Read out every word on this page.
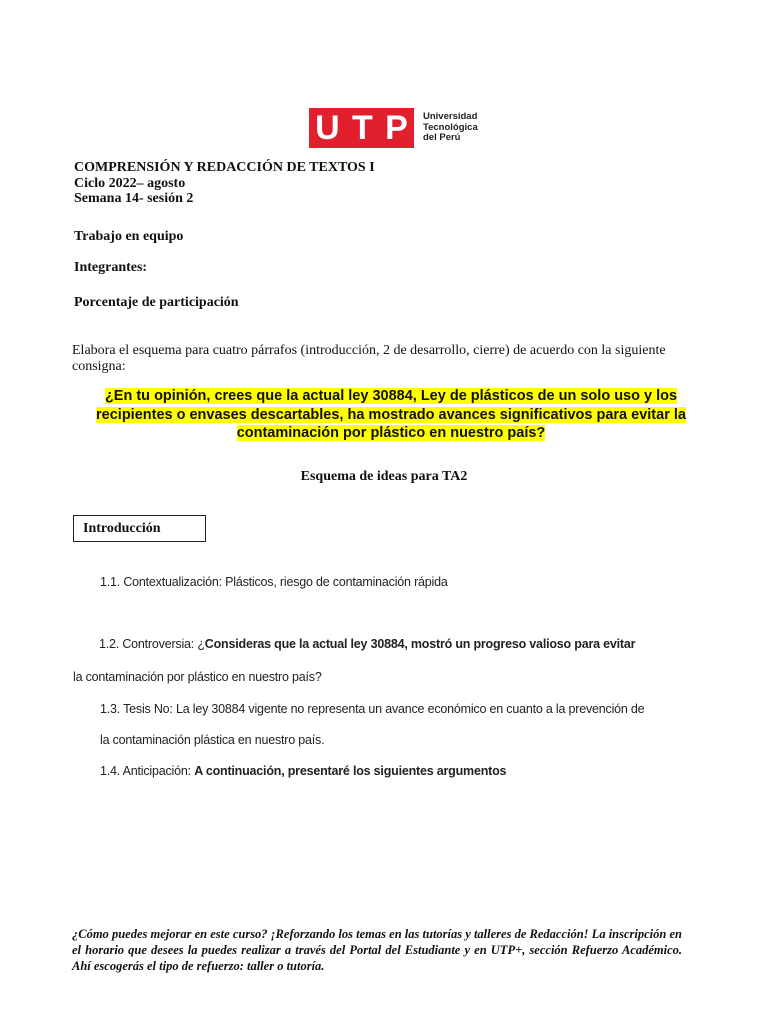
U T P Universidad
Tecnológica
del Perú
COMPRENSIÓN Y REDACCIÓN DE TEXTOS I
Ciclo 2022– agosto
Semana 14- sesión 2
Trabajo en equipo
Integrantes:
Porcentaje de participación
Elabora el esquema para cuatro párrafos (introducción, 2 de desarrollo, cierre) de acuerdo con la siguiente consigna:
¿En tu opinión, crees que la actual ley 30884, Ley de plásticos de un solo uso y los
recipientes o envases descartables, ha mostrado avances significativos para evitar la
contaminación por plástico en nuestro país?
Esquema de ideas para TA2
Introducción
1.1. Contextualización: Plásticos, riesgo de contaminación rápida
1.2. Controversia: ¿Consideras que la actual ley 30884, mostró un progreso valioso para evitar
la contaminación por plástico en nuestro país?
1.3. Tesis No: La ley 30884 vigente no representa un avance económico en cuanto a la prevención de
la contaminación plástica en nuestro país.
1.4. Anticipación: A continuación, presentaré los siguientes argumentos
¿Cómo puedes mejorar en este curso? ¡Reforzando los temas en las tutorías y talleres de Redacción! La inscripción en el horario que desees la puedes realizar a través del Portal del Estudiante y en UTP+, sección Refuerzo Académico. Ahí escogerás el tipo de refuerzo: taller o tutoría.
